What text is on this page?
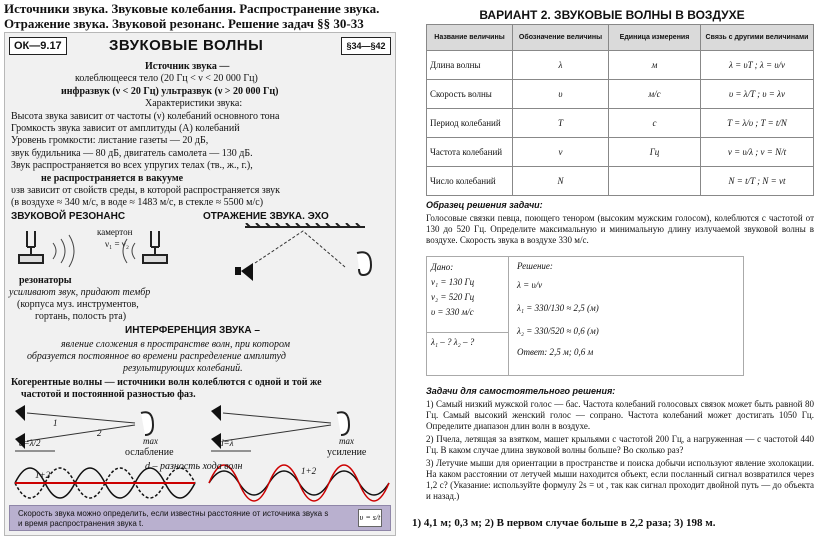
Источники звука. Звуковые колебания. Распространение звука. Отражение звука. Звуковой резонанс. Решение задач §§ 30-33
ОК—9.17	ЗВУКОВЫЕ ВОЛНЫ	§34—§42
Источник звука —
колеблющееся тело (20 Гц < ν < 20 000 Гц)
инфразвук (ν < 20 Гц) ультразвук (ν > 20 000 Гц)
Характеристики звука:
Высота звука зависит от частоты (ν) колебаний основного тона
Громкость звука зависит от амплитуды (A) колебаний
Уровень громкости: листание газеты — 20 дБ,
звук будильника — 80 дБ, двигатель самолета — 130 дБ.
Звук распространяется во всех упругих телах (тв., ж., г.),
не распространяется в вакууме
υзв зависит от свойств среды, в которой распространяется звук
(в воздухе ≈ 340 м/с, в воде ≈ 1483 м/с, в стекле ≈ 5500 м/с)
ЗВУКОВОЙ РЕЗОНАНС	ОТРАЖЕНИЕ ЗВУКА. ЭХО
камертон
ν₁ = ν₂
резонаторы
усиливают звук, придают тембр
(корпуса муз. инструментов,
гортань, полость рта)
ИНТЕРФЕРЕНЦИЯ ЗВУКА –
явление сложения в пространстве волн, при котором
образуется постоянное во времени распределение амплитуд
результирующих колебаний.
Когерентные волны — источники волн колеблются с одной и той же
частотой и постоянной разностью фаз.
1
2
max	max
d=λ/2	d=λ
ослабление	усиление
d – разность хода волн
1+2	1+2
Скорость звука можно определить, если известны расстояние от источника звука s и время распространения звука t.
υ = s/t
ВАРИАНТ 2. ЗВУКОВЫЕ ВОЛНЫ В ВОЗДУХЕ
Название величины	Обозначение величины	Единица измерения	Связь с другими величинами
Длина волны	λ	м	λ = υT ; λ = υ/ν
Скорость волны	υ	м/с	υ = λ/T ; υ = λν
Период колебаний	T	с	T = λ/υ ; T = t/N
Частота колебаний	ν	Гц	ν = υ/λ ; ν = N/t
Число колебаний	N		N = t/T ; N = νt
Образец решения задачи:
Голосовые связки певца, поющего тенором (высоким мужским голосом), колеблются с частотой от 130 до 520 Гц. Определите максимальную и минимальную длину излучаемой звуковой волны в воздухе. Скорость звука в воздухе 330 м/с.
Дано:
ν₁ = 130 Гц
ν₂ = 520 Гц
υ = 330 м/с
λ₁ – ? λ₂ – ?
Решение:
λ = υ/ν
λ₁ = 330/130 ≈ 2,5 (м)
λ₂ = 330/520 ≈ 0,6 (м)
Ответ: 2,5 м; 0,6 м
Задачи для самостоятельного решения:
1) Самый низкий мужской голос — бас. Частота колебаний голосовых связок может быть равной 80 Гц. Самый высокий женский голос — сопрано. Частота колебаний может достигать 1050 Гц. Определите диапазон длин волн в воздухе.
2) Пчела, летящая за взятком, машет крыльями с частотой 200 Гц, а нагруженная — с частотой 440 Гц. В каком случае длина звуковой волны больше? Во сколько раз?
3) Летучие мыши для ориентации в пространстве и поиска добычи используют явление эхолокации. На каком расстоянии от летучей мыши находится объект, если посланный сигнал возвратился через 1,2 с? (Указание: используйте формулу 2s = υt , так как сигнал проходит двойной путь — до объекта и назад.)
1) 4,1 м; 0,3 м; 2) В первом случае больше в 2,2 раза; 3) 198 м.
